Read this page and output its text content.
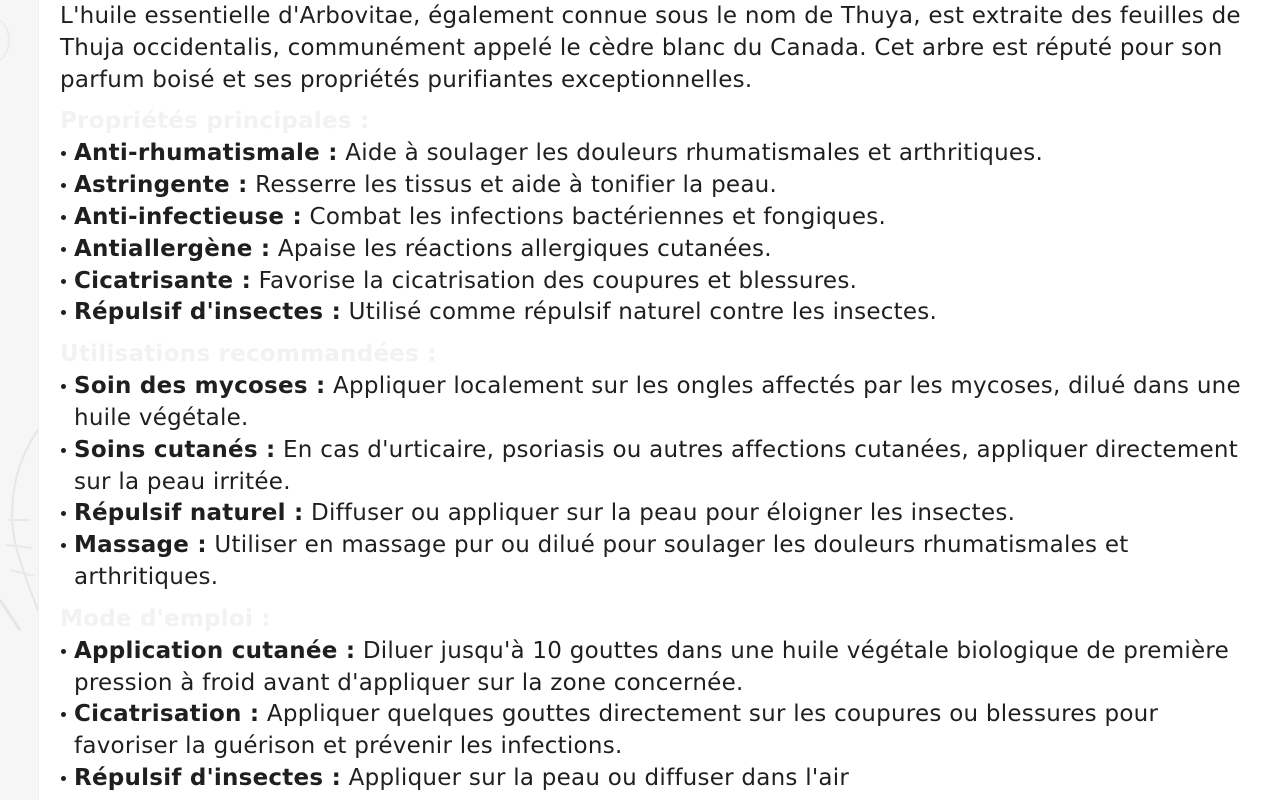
L'huile essentielle d'Arbovitae, également connue sous le nom de Thuya, est extraite des feuilles de Thuja occidentalis, communément appelé le cèdre blanc du Canada. Cet arbre est réputé pour son parfum boisé et ses propriétés purifiantes exceptionnelles.

Propriétés principales :
Anti-rhumatismale : Aide à soulager les douleurs rhumatismales et arthritiques.
Astringente : Resserre les tissus et aide à tonifier la peau.
Anti-infectieuse : Combat les infections bactériennes et fongiques.
Antiallergène : Apaise les réactions allergiques cutanées.
Cicatrisante : Favorise la cicatrisation des coupures et blessures.
Répulsif d'insectes : Utilisé comme répulsif naturel contre les insectes.
Utilisations recommandées :
Soin des mycoses : Appliquer localement sur les ongles affectés par les mycoses, dilué dans une huile végétale.
Soins cutanés : En cas d'urticaire, psoriasis ou autres affections cutanées, appliquer directement sur la peau irritée.
Répulsif naturel : Diffuser ou appliquer sur la peau pour éloigner les insectes.
Massage : Utiliser en massage pur ou dilué pour soulager les douleurs rhumatismales et arthritiques.
Mode d'emploi :
Application cutanée : Diluer jusqu'à 10 gouttes dans une huile végétale biologique de première pression à froid avant d'appliquer sur la zone concernée.
Cicatrisation : Appliquer quelques gouttes directement sur les coupures ou blessures pour favoriser la guérison et prévenir les infections.
Répulsif d'insectes : Appliquer sur la peau ou diffuser dans l'air
